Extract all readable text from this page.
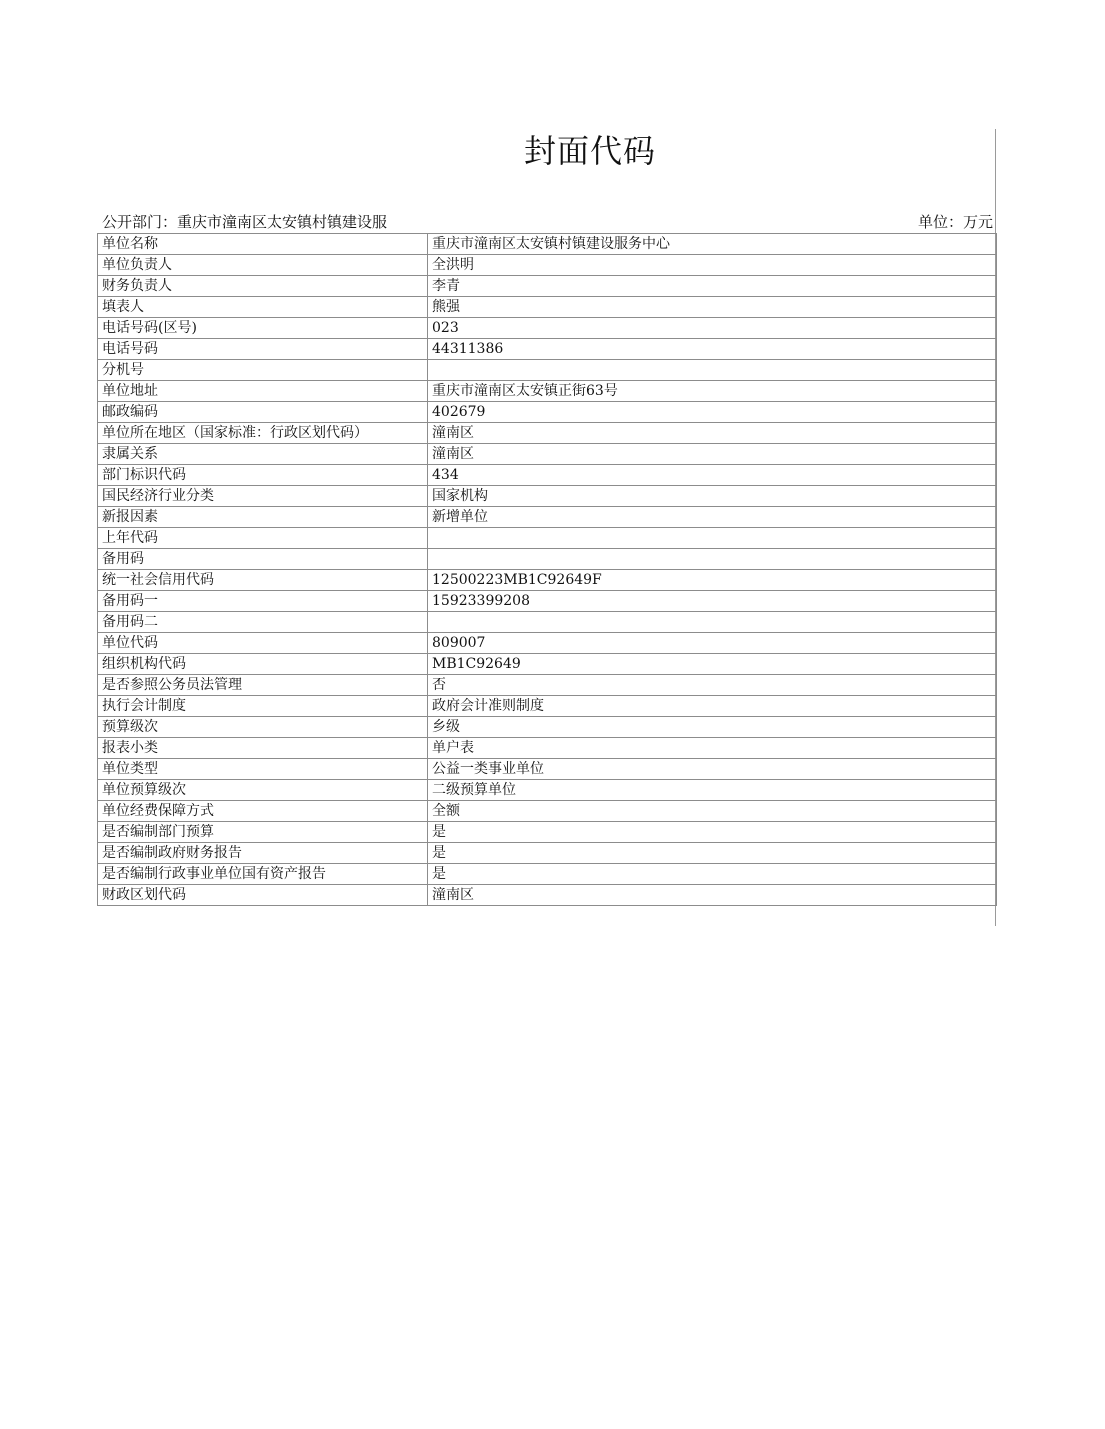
封面代码
公开部门：重庆市潼南区太安镇村镇建设服	单位：万元
单位名称	重庆市潼南区太安镇村镇建设服务中心
单位负责人	全洪明
财务负责人	李青
填表人	熊强
电话号码(区号)	023
电话号码	44311386
分机号	
单位地址	重庆市潼南区太安镇正街63号
邮政编码	402679
单位所在地区（国家标准：行政区划代码）	潼南区
隶属关系	潼南区
部门标识代码	434
国民经济行业分类	国家机构
新报因素	新增单位
上年代码	
备用码	
统一社会信用代码	12500223MB1C92649F
备用码一	15923399208
备用码二	
单位代码	809007
组织机构代码	MB1C92649
是否参照公务员法管理	否
执行会计制度	政府会计准则制度
预算级次	乡级
报表小类	单户表
单位类型	公益一类事业单位
单位预算级次	二级预算单位
单位经费保障方式	全额
是否编制部门预算	是
是否编制政府财务报告	是
是否编制行政事业单位国有资产报告	是
财政区划代码	潼南区
